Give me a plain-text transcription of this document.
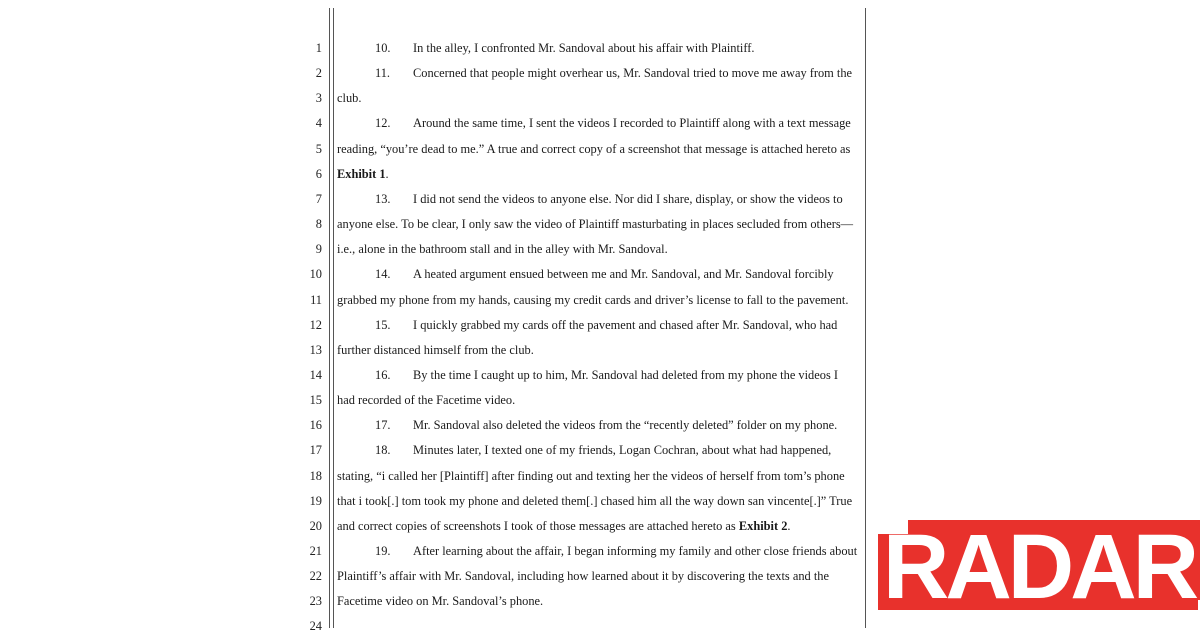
1	10. In the alley, I confronted Mr. Sandoval about his affair with Plaintiff.
2	11. Concerned that people might overhear us, Mr. Sandoval tried to move me away from the
3 club.
4	12. Around the same time, I sent the videos I recorded to Plaintiff along with a text message
5 reading, “you’re dead to me.” A true and correct copy of a screenshot that message is attached hereto as
6 Exhibit 1.
7	13. I did not send the videos to anyone else. Nor did I share, display, or show the videos to
8 anyone else. To be clear, I only saw the video of Plaintiff masturbating in places secluded from others—
9 i.e., alone in the bathroom stall and in the alley with Mr. Sandoval.
10	14. A heated argument ensued between me and Mr. Sandoval, and Mr. Sandoval forcibly
11 grabbed my phone from my hands, causing my credit cards and driver’s license to fall to the pavement.
12	15. I quickly grabbed my cards off the pavement and chased after Mr. Sandoval, who had
13 further distanced himself from the club.
14	16. By the time I caught up to him, Mr. Sandoval had deleted from my phone the videos I
15 had recorded of the Facetime video.
16	17. Mr. Sandoval also deleted the videos from the “recently deleted” folder on my phone.
17	18. Minutes later, I texted one of my friends, Logan Cochran, about what had happened,
18 stating, “i called her [Plaintiff] after finding out and texting her the videos of herself from tom’s phone
19 that i took[.] tom took my phone and deleted them[.] chased him all the way down san vincente[.]” True
20 and correct copies of screenshots I took of those messages are attached hereto as Exhibit 2.
21	19. After learning about the affair, I began informing my family and other close friends about
22 Plaintiff’s affair with Mr. Sandoval, including how learned about it by discovering the texts and the
23 Facetime video on Mr. Sandoval’s phone.
24
RADAR
